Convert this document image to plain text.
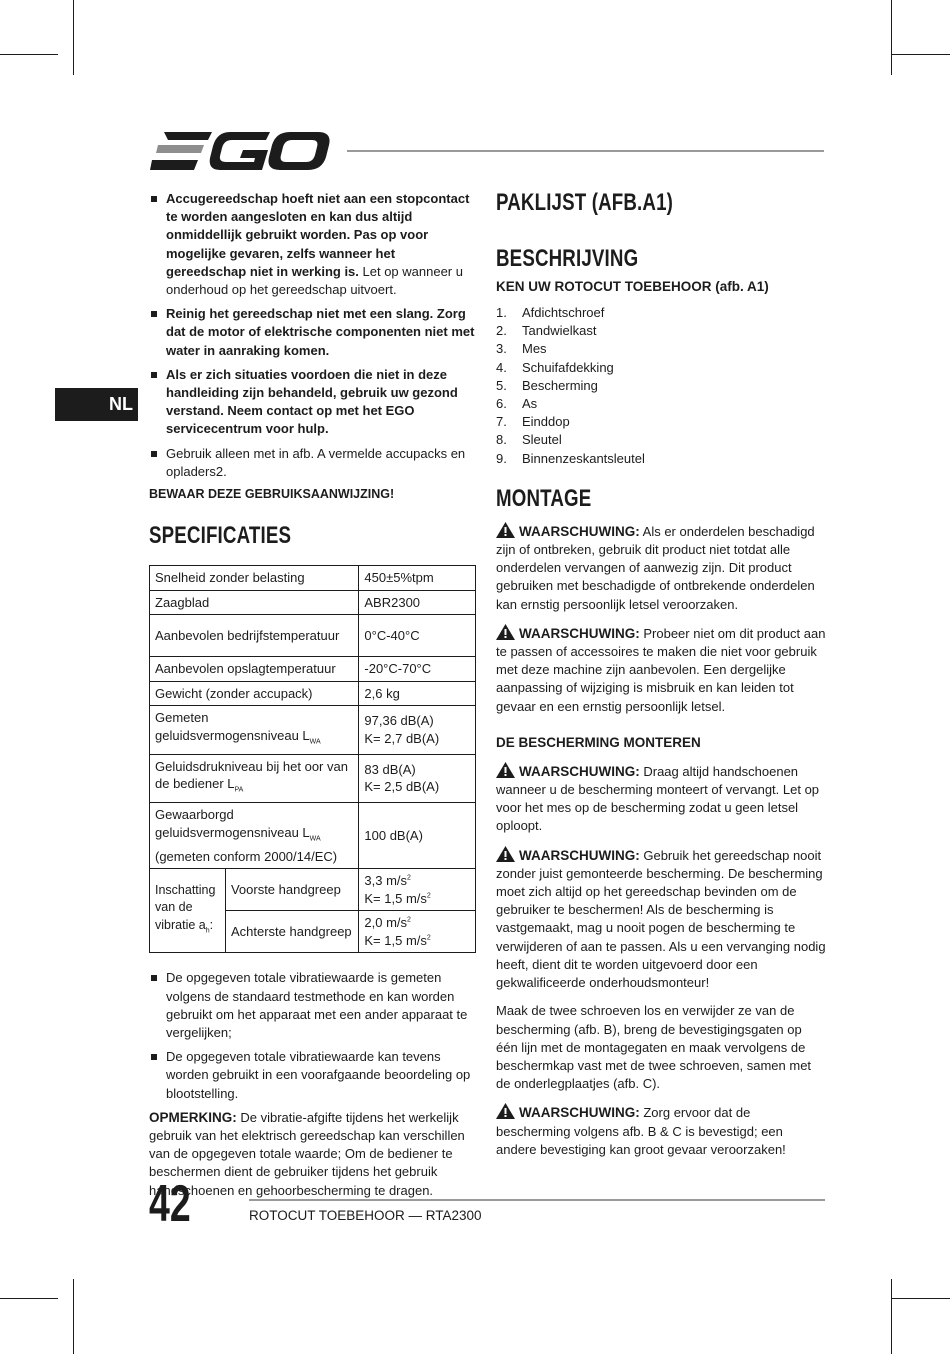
NL
Accugereedschap hoeft niet aan een stopcontact te worden aangesloten en kan dus altijd onmiddellijk gebruikt worden. Pas op voor mogelijke gevaren, zelfs wanneer het gereedschap niet in werking is. Let op wanneer u onderhoud op het gereedschap uitvoert.
Reinig het gereedschap niet met een slang. Zorg dat de motor of elektrische componenten niet met water in aanraking komen.
Als er zich situaties voordoen die niet in deze handleiding zijn behandeld, gebruik uw gezond verstand. Neem contact op met het EGO servicecentrum voor hulp.
Gebruik alleen met in afb. A vermelde accupacks en opladers2.
BEWAAR DEZE GEBRUIKSAANWIJZING!
SPECIFICATIES
Snelheid zonder belasting		450±5%tpm
Zaagblad		ABR2300
Aanbevolen bedrijfstemperatuur		0°C-40°C
Aanbevolen opslagtemperatuur		-20°C-70°C
Gewicht (zonder accupack)		2,6 kg
Gemeten geluidsvermogensniveau $L_{WA}$		97,36 dB(A)
K= 2,7 dB(A)
Geluidsdrukniveau bij het oor van de bediener $L_{PA}$		83 dB(A)
K= 2,5 dB(A)
Gewaarborgd
geluidsvermogensniveau $L_{WA}$
(gemeten conform 2000/14/EC)		100 dB(A)
Inschatting
van de
vibratie $a_h$:	Voorste handgreep	3,3 $m/s^2$
K= 1,5 $m/s^2$
	Achterste handgreep	2,0 $m/s^2$
K= 1,5 $m/s^2$
De opgegeven totale vibratiewaarde is gemeten volgens de standaard testmethode en kan worden gebruikt om het apparaat met een ander apparaat te vergelijken;
De opgegeven totale vibratiewaarde kan tevens worden gebruikt in een voorafgaande beoordeling op blootstelling.
OPMERKING: De vibratie-afgifte tijdens het werkelijk gebruik van het elektrisch gereedschap kan verschillen van de opgegeven totale waarde; Om de bediener te beschermen dient de gebruiker tijdens het gebruik handschoenen en gehoorbescherming te dragen.
PAKLIJST (AFB.A1)
BESCHRIJVING
KEN UW ROTOCUT TOEBEHOOR (afb. A1)
1.	Afdichtschroef
2.	Tandwielkast
3.	Mes
4.	Schuifafdekking
5.	Bescherming
6.	As
7.	Einddop
8.	Sleutel
9.	Binnenzeskantsleutel
MONTAGE

WAARSCHUWING: Als er onderdelen beschadigd zijn of ontbreken, gebruik dit product niet totdat alle onderdelen vervangen of aanwezig zijn. Dit product gebruiken met beschadigde of ontbrekende onderdelen kan ernstig persoonlijk letsel veroorzaken.

WAARSCHUWING: Probeer niet om dit product aan te passen of accessoires te maken die niet voor gebruik met deze machine zijn aanbevolen. Een dergelijke aanpassing of wijziging is misbruik en kan leiden tot gevaar en een ernstig persoonlijk letsel.

DE BESCHERMING MONTEREN

WAARSCHUWING: Draag altijd handschoenen wanneer u de bescherming monteert of vervangt. Let op voor het mes op de bescherming zodat u geen letsel oploopt.

WAARSCHUWING: Gebruik het gereedschap nooit zonder juist gemonteerde bescherming. De bescherming moet zich altijd op het gereedschap bevinden om de gebruiker te beschermen! Als de bescherming is vastgemaakt, mag u nooit pogen de bescherming te verwijderen of aan te passen. Als u een vervanging nodig heeft, dient dit te worden uitgevoerd door een gekwalificeerde onderhoudsmonteur!

Maak de twee schroeven los en verwijder ze van de bescherming (afb. B), breng de bevestigingsgaten op één lijn met de montagegaten en maak vervolgens de beschermkap vast met de twee schroeven, samen met de onderlegplaatjes (afb. C).

WAARSCHUWING: Zorg ervoor dat de bescherming volgens afb. B & C is bevestigd; een andere bevestiging kan groot gevaar veroorzaken!

42	ROTOCUT TOEBEHOOR — RTA2300
